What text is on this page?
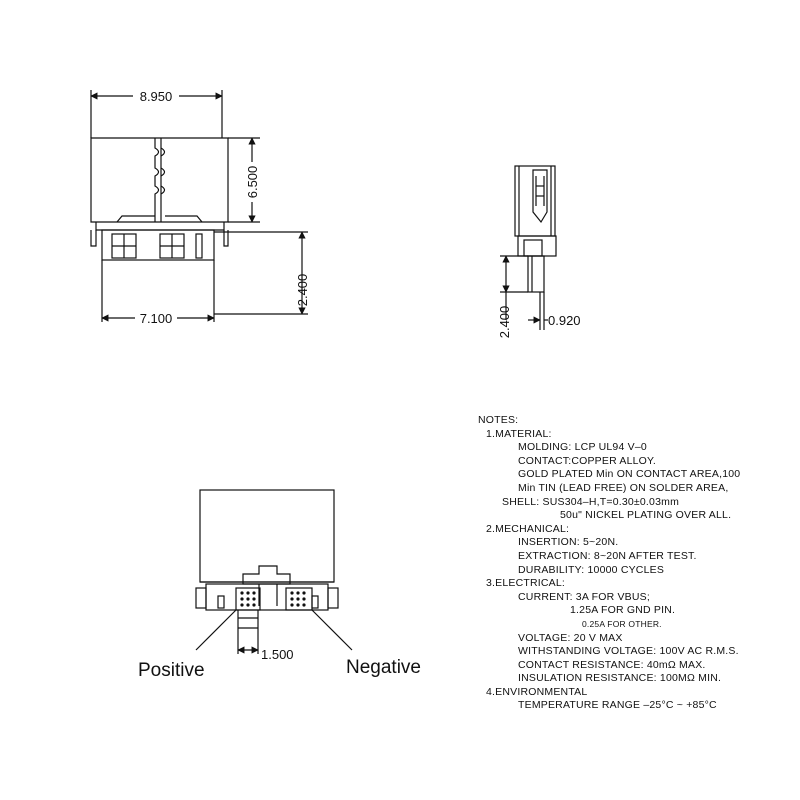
8.950
6.500
7.100
2.400
2.400	0.920
1.500
Positive	Negative
NOTES:
1.MATERIAL:
MOLDING: LCP UL94 V–0
CONTACT:COPPER ALLOY.
GOLD PLATED Min ON CONTACT AREA,100
Min TIN (LEAD FREE) ON SOLDER AREA,
SHELL: SUS304–H,T=0.30±0.03mm
50u" NICKEL PLATING OVER ALL.
2.MECHANICAL:
INSERTION: 5~20N.
EXTRACTION: 8~20N AFTER TEST.
DURABILITY: 10000 CYCLES
3.ELECTRICAL:
CURRENT: 3A FOR VBUS;
1.25A FOR GND PIN.
0.25A FOR OTHER.
VOLTAGE: 20 V MAX
WITHSTANDING VOLTAGE: 100V AC R.M.S.
CONTACT RESISTANCE: 40mΩ MAX.
INSULATION RESISTANCE: 100MΩ MIN.
4.ENVIRONMENTAL
TEMPERATURE RANGE –25°C ~ +85°C
